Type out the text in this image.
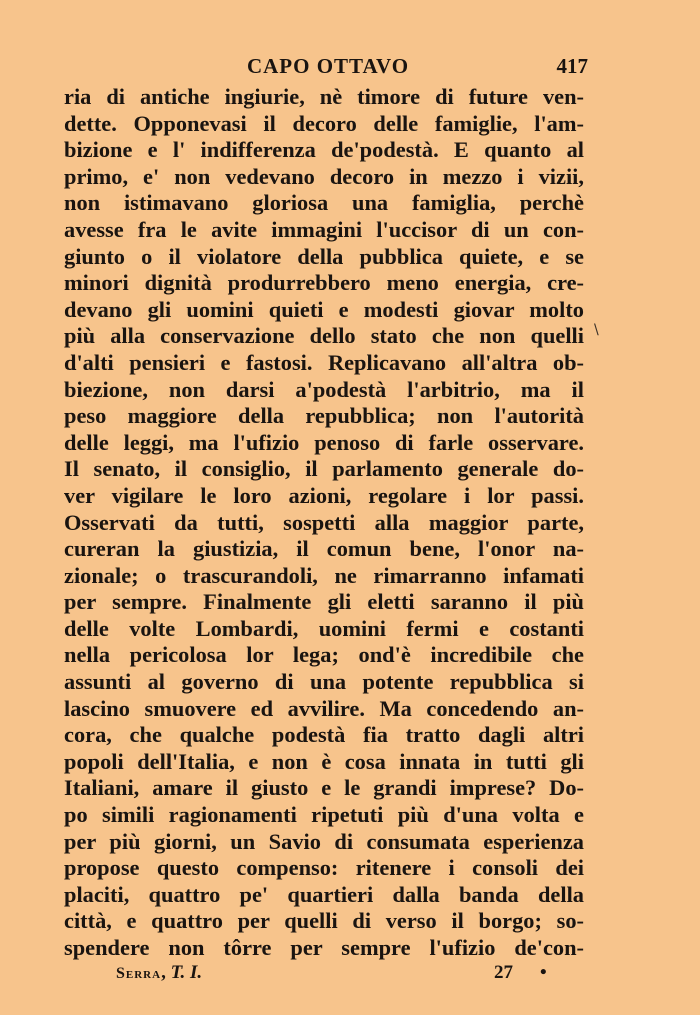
CAPO OTTAVO	417
ria di antiche ingiurie, nè timore di future ven-
dette. Opponevasi il decoro delle famiglie, l'am-
bizione e l' indifferenza de'podestà. E quanto al
primo, e' non vedevano decoro in mezzo i vizii,
non istimavano gloriosa una famiglia, perchè
avesse fra le avite immagini l'uccisor di un con-
giunto o il violatore della pubblica quiete, e se
minori dignità produrrebbero meno energia, cre-
devano gli uomini quieti e modesti giovar molto
più alla conservazione dello stato che non quelli
d'alti pensieri e fastosi. Replicavano all'altra ob-
biezione, non darsi a'podestà l'arbitrio, ma il
peso maggiore della repubblica; non l'autorità
delle leggi, ma l'ufizio penoso di farle osservare.
Il senato, il consiglio, il parlamento generale do-
ver vigilare le loro azioni, regolare i lor passi.
Osservati da tutti, sospetti alla maggior parte,
cureran la giustizia, il comun bene, l'onor na-
zionale; o trascurandoli, ne rimarranno infamati
per sempre. Finalmente gli eletti saranno il più
delle volte Lombardi, uomini fermi e costanti
nella pericolosa lor lega; ond'è incredibile che
assunti al governo di una potente repubblica si
lascino smuovere ed avvilire. Ma concedendo an-
cora, che qualche podestà fia tratto dagli altri
popoli dell'Italia, e non è cosa innata in tutti gli
Italiani, amare il giusto e le grandi imprese? Do-
po simili ragionamenti ripetuti più d'una volta e
per più giorni, un Savio di consumata esperienza
propose questo compenso: ritenere i consoli dei
placiti, quattro pe' quartieri dalla banda della
città, e quattro per quelli di verso il borgo; so-
spendere non tôrre per sempre l'ufizio de'con-
\
Serra, T. I.	27 •
